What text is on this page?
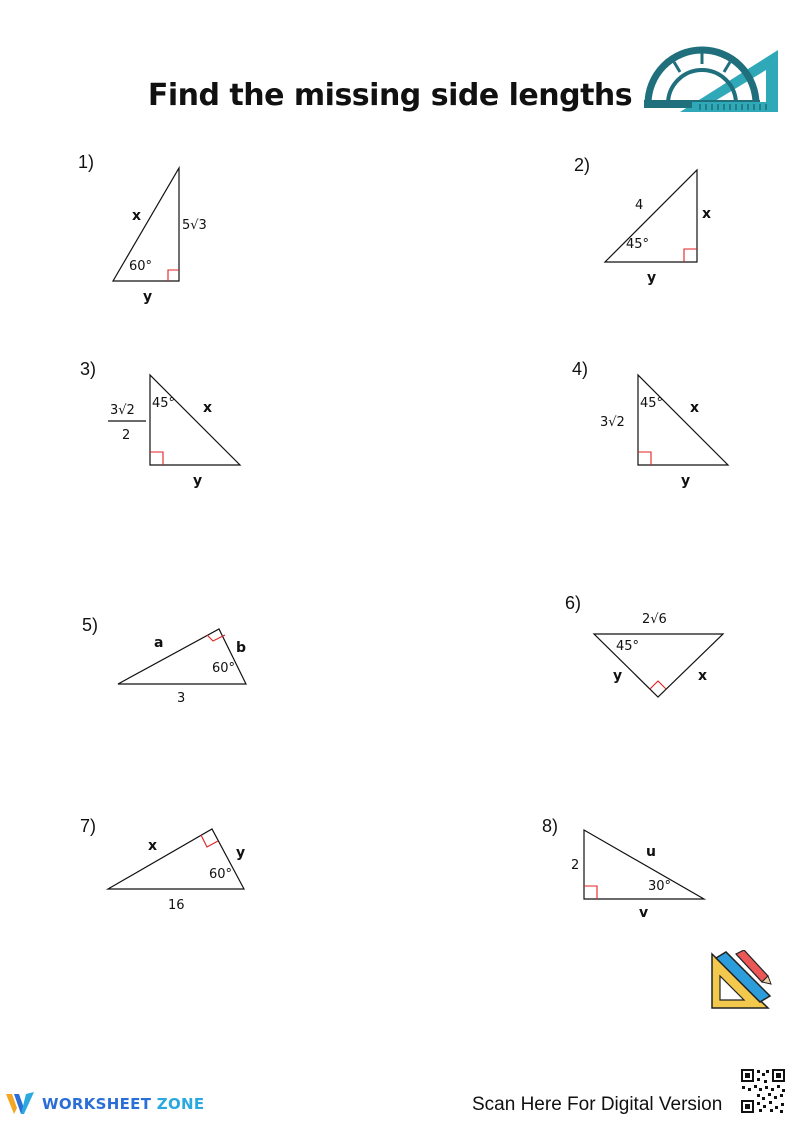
Find the missing side lengths
1)	2)
3)	4)
5)
6)
7)	8)
x
5√3
60°
y
4
x
45°
y
3√2
2
45° x
y
3√2
45° x
y
a	b
60°
3
2√6
45°
y	x
x	y
60°
16
2
u
30°
v
WORKSHEET ZONE	Scan Here For Digital Version
